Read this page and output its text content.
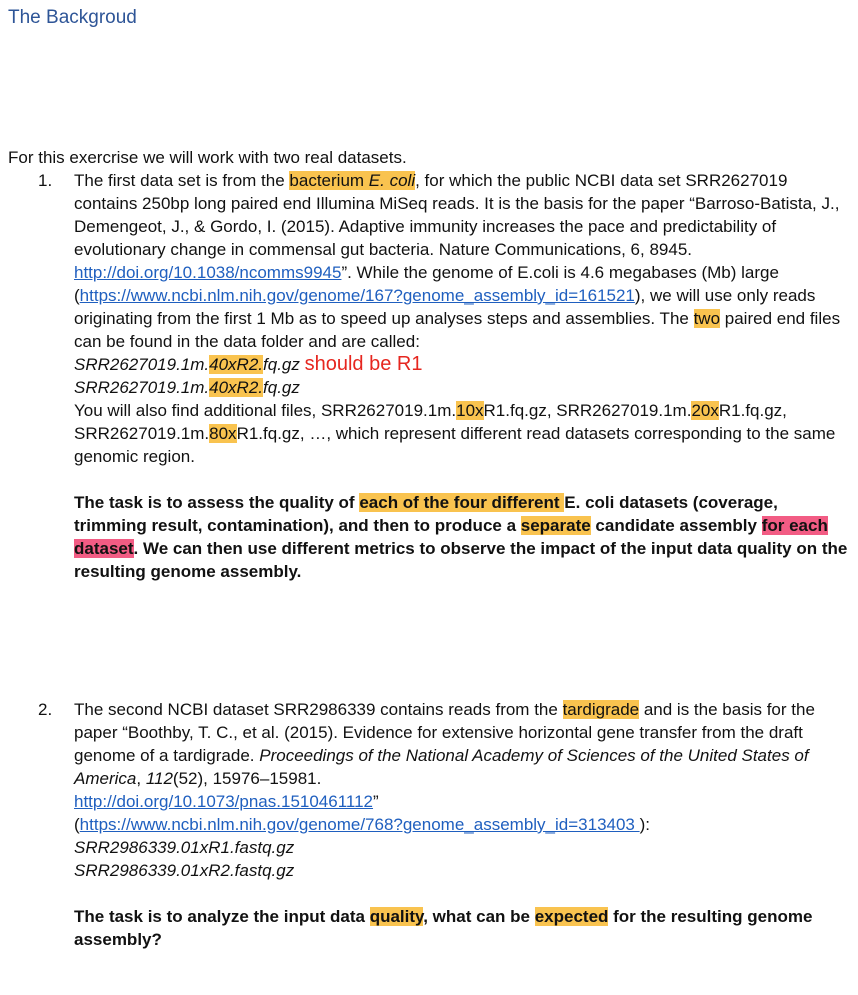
The Backgroud
For this exercrise we will work with two real datasets.
1. The first data set is from the bacterium E. coli, for which the public NCBI data set SRR2627019 contains 250bp long paired end Illumina MiSeq reads. It is the basis for the paper “Barroso-Batista, J., Demengeot, J., & Gordo, I. (2015). Adaptive immunity increases the pace and predictability of evolutionary change in commensal gut bacteria. Nature Communications, 6, 8945. http://doi.org/10.1038/ncomms9945”. While the genome of E.coli is 4.6 megabases (Mb) large (https://www.ncbi.nlm.nih.gov/genome/167?genome_assembly_id=161521), we will use only reads originating from the first 1 Mb as to speed up analyses steps and assemblies. The two paired end files can be found in the data folder and are called:
SRR2627019.1m.40xR2.fq.gz should be R1
SRR2627019.1m.40xR2.fq.gz
You will also find additional files, SRR2627019.1m.10xR1.fq.gz, SRR2627019.1m.20xR1.fq.gz, SRR2627019.1m.80xR1.fq.gz, …, which represent different read datasets corresponding to the same genomic region.
The task is to assess the quality of each of the four different E. coli datasets (coverage, trimming result, contamination), and then to produce a separate candidate assembly for each dataset. We can then use different metrics to observe the impact of the input data quality on the resulting genome assembly.
2. The second NCBI dataset SRR2986339 contains reads from the tardigrade and is the basis for the paper “Boothby, T. C., et al. (2015). Evidence for extensive horizontal gene transfer from the draft genome of a tardigrade. Proceedings of the National Academy of Sciences of the United States of America, 112(52), 15976–15981.
http://doi.org/10.1073/pnas.1510461112”
(https://www.ncbi.nlm.nih.gov/genome/768?genome_assembly_id=313403 ):
SRR2986339.01xR1.fastq.gz
SRR2986339.01xR2.fastq.gz
The task is to analyze the input data quality, what can be expected for the resulting genome assembly?
